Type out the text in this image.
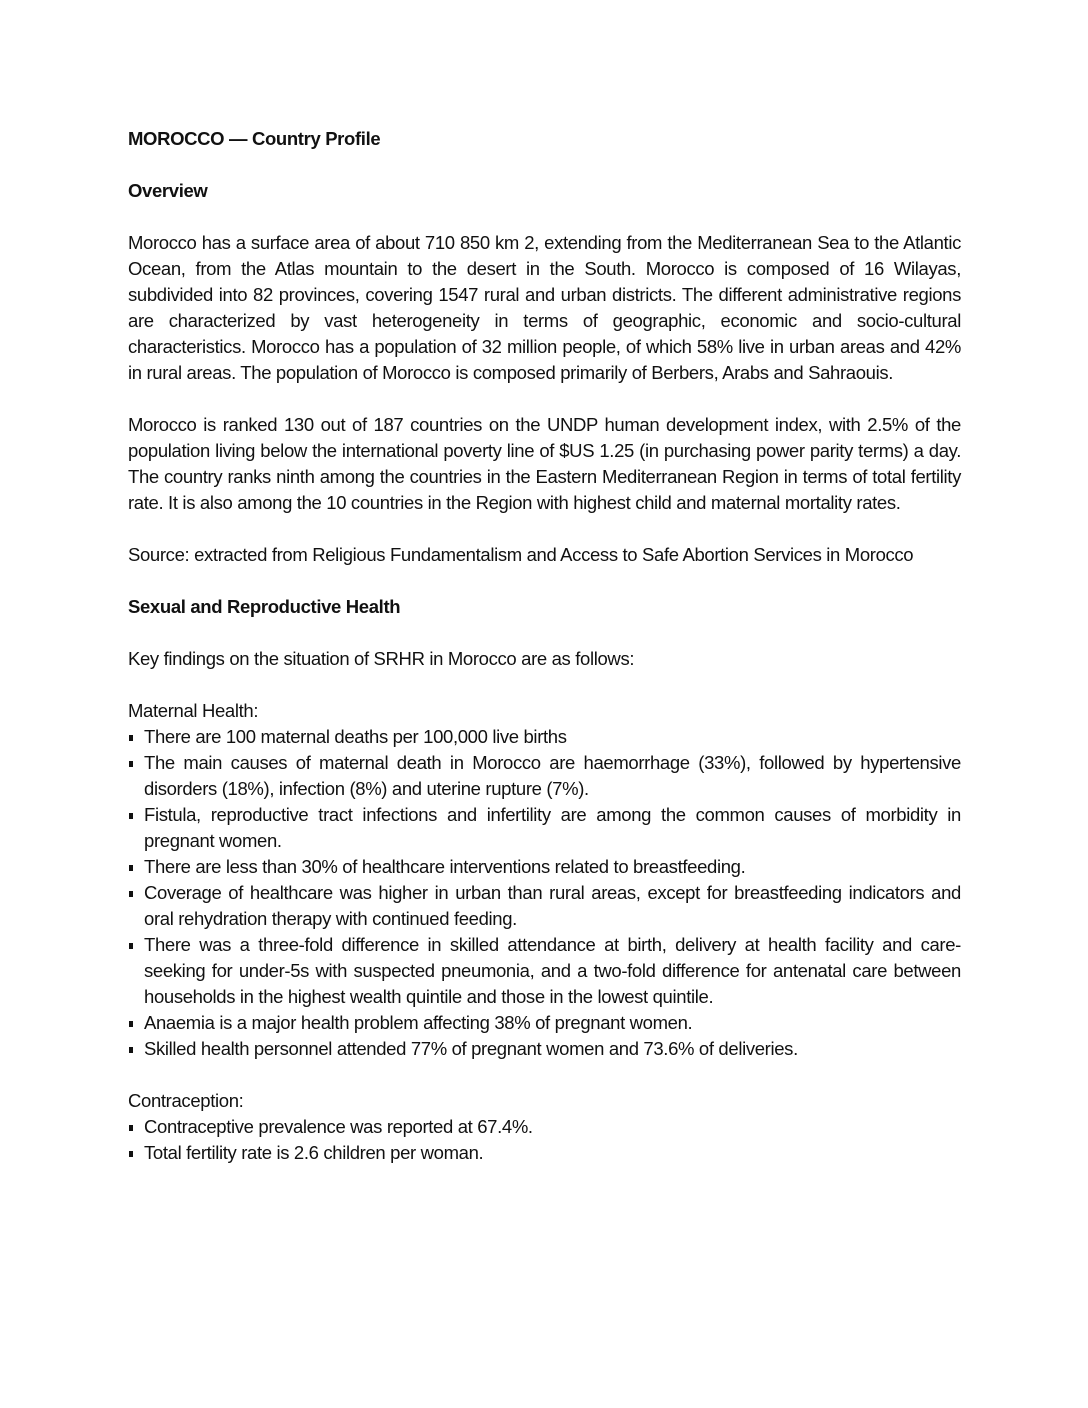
MOROCCO — Country Profile
Overview

Morocco has a surface area of about 710 850 km 2, extending from the Mediterranean Sea to the Atlantic Ocean, from the Atlas mountain to the desert in the South. Morocco is composed of 16 Wilayas, subdivided into 82 provinces, covering 1547 rural and urban districts. The different administrative regions are characterized by vast heterogeneity in terms of geographic, economic and socio-cultural characteristics. Morocco has a population of 32 million people, of which 58% live in urban areas and 42% in rural areas. The population of Morocco is composed primarily of Berbers, Arabs and Sahraouis.

Morocco is ranked 130 out of 187 countries on the UNDP human development index, with 2.5% of the population living below the international poverty line of $US 1.25 (in purchasing power parity terms) a day. The country ranks ninth among the countries in the Eastern Mediterranean Region in terms of total fertility rate. It is also among the 10 countries in the Region with highest child and maternal mortality rates.

Source: extracted from Religious Fundamentalism and Access to Safe Abortion Services in Morocco

Sexual and Reproductive Health

Key findings on the situation of SRHR in Morocco are as follows:

Maternal Health:
There are 100 maternal deaths per 100,000 live births
The main causes of maternal death in Morocco are haemorrhage (33%), followed by hypertensive disorders (18%), infection (8%) and uterine rupture (7%).
Fistula, reproductive tract infections and infertility are among the common causes of morbidity in pregnant women.
There are less than 30% of healthcare interventions related to breastfeeding.
Coverage of healthcare was higher in urban than rural areas, except for breastfeeding indicators and oral rehydration therapy with continued feeding.
There was a three-fold difference in skilled attendance at birth, delivery at health facility and care-seeking for under-5s with suspected pneumonia, and a two-fold difference for antenatal care between households in the highest wealth quintile and those in the lowest quintile.
Anaemia is a major health problem affecting 38% of pregnant women.
Skilled health personnel attended 77% of pregnant women and 73.6% of deliveries.
Contraception:
Contraceptive prevalence was reported at 67.4%.
Total fertility rate is 2.6 children per woman.
